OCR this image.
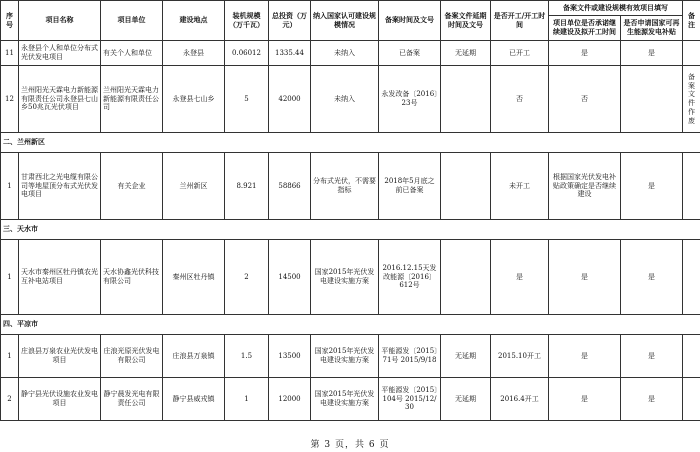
序号	项目名称	项目单位	建设地点	装机规模（万千瓦）	总投资（万元）	纳入国家认可建设规模情况	备案时间及文号	备案文件延期时间及文号	是否开工/开工时间	备案文件或建设规模有效项目填写		备注
										项目单位是否承诺继续建设及拟开工时间	是否申请国家可再生能源发电补贴	
11	永登县个人和单位分布式光伏发电项目	有关个人和单位	永登县	0.06012	1335.44	未纳入	已备案	无延期	已开工	是	是	
12	兰州阳光天霖电力新能源有限责任公司永登县七山乡50兆瓦光伏项目	兰州阳光天霖电力新能源有限责任公司	永登县七山乡	5	42000	未纳入	永发改备〔2016〕23号		否	否		备案文件作废
二、兰州新区												
1	甘肃西北之光电缆有限公司等地屋顶分布式光伏发电项目	有关企业	兰州新区	8.921	58866	分布式光伏，不需要指标	2018年5月底之前已备案		未开工	根据国家光伏发电补贴政策确定是否继续建设	是	
三、天水市												
1	天水市秦州区牡丹镇农光互补电站项目	天水协鑫光伏科技有限公司	秦州区牡丹镇	2	14500	国家2015年光伏发电建设实施方案	2016.12.15天发改能源〔2016〕612号		是	是	是	
四、平凉市												
1	庄浪县万泉农业光伏发电项目	庄浪光原光伏发电有限公司	庄浪县万泉镇	1.5	13500	国家2015年光伏发电建设实施方案	平能源发〔2015〕71号 2015/9/18	无延期	2015.10开工	是	是	
2	静宁县光伏设施农业发电项目	静宁晨发光电有限责任公司	静宁县威戎镇	1	12000	国家2015年光伏发电建设实施方案	平能源发〔2015〕104号 2015/12/30	无延期	2016.4开工	是	是	
第 3 页，共 6 页
